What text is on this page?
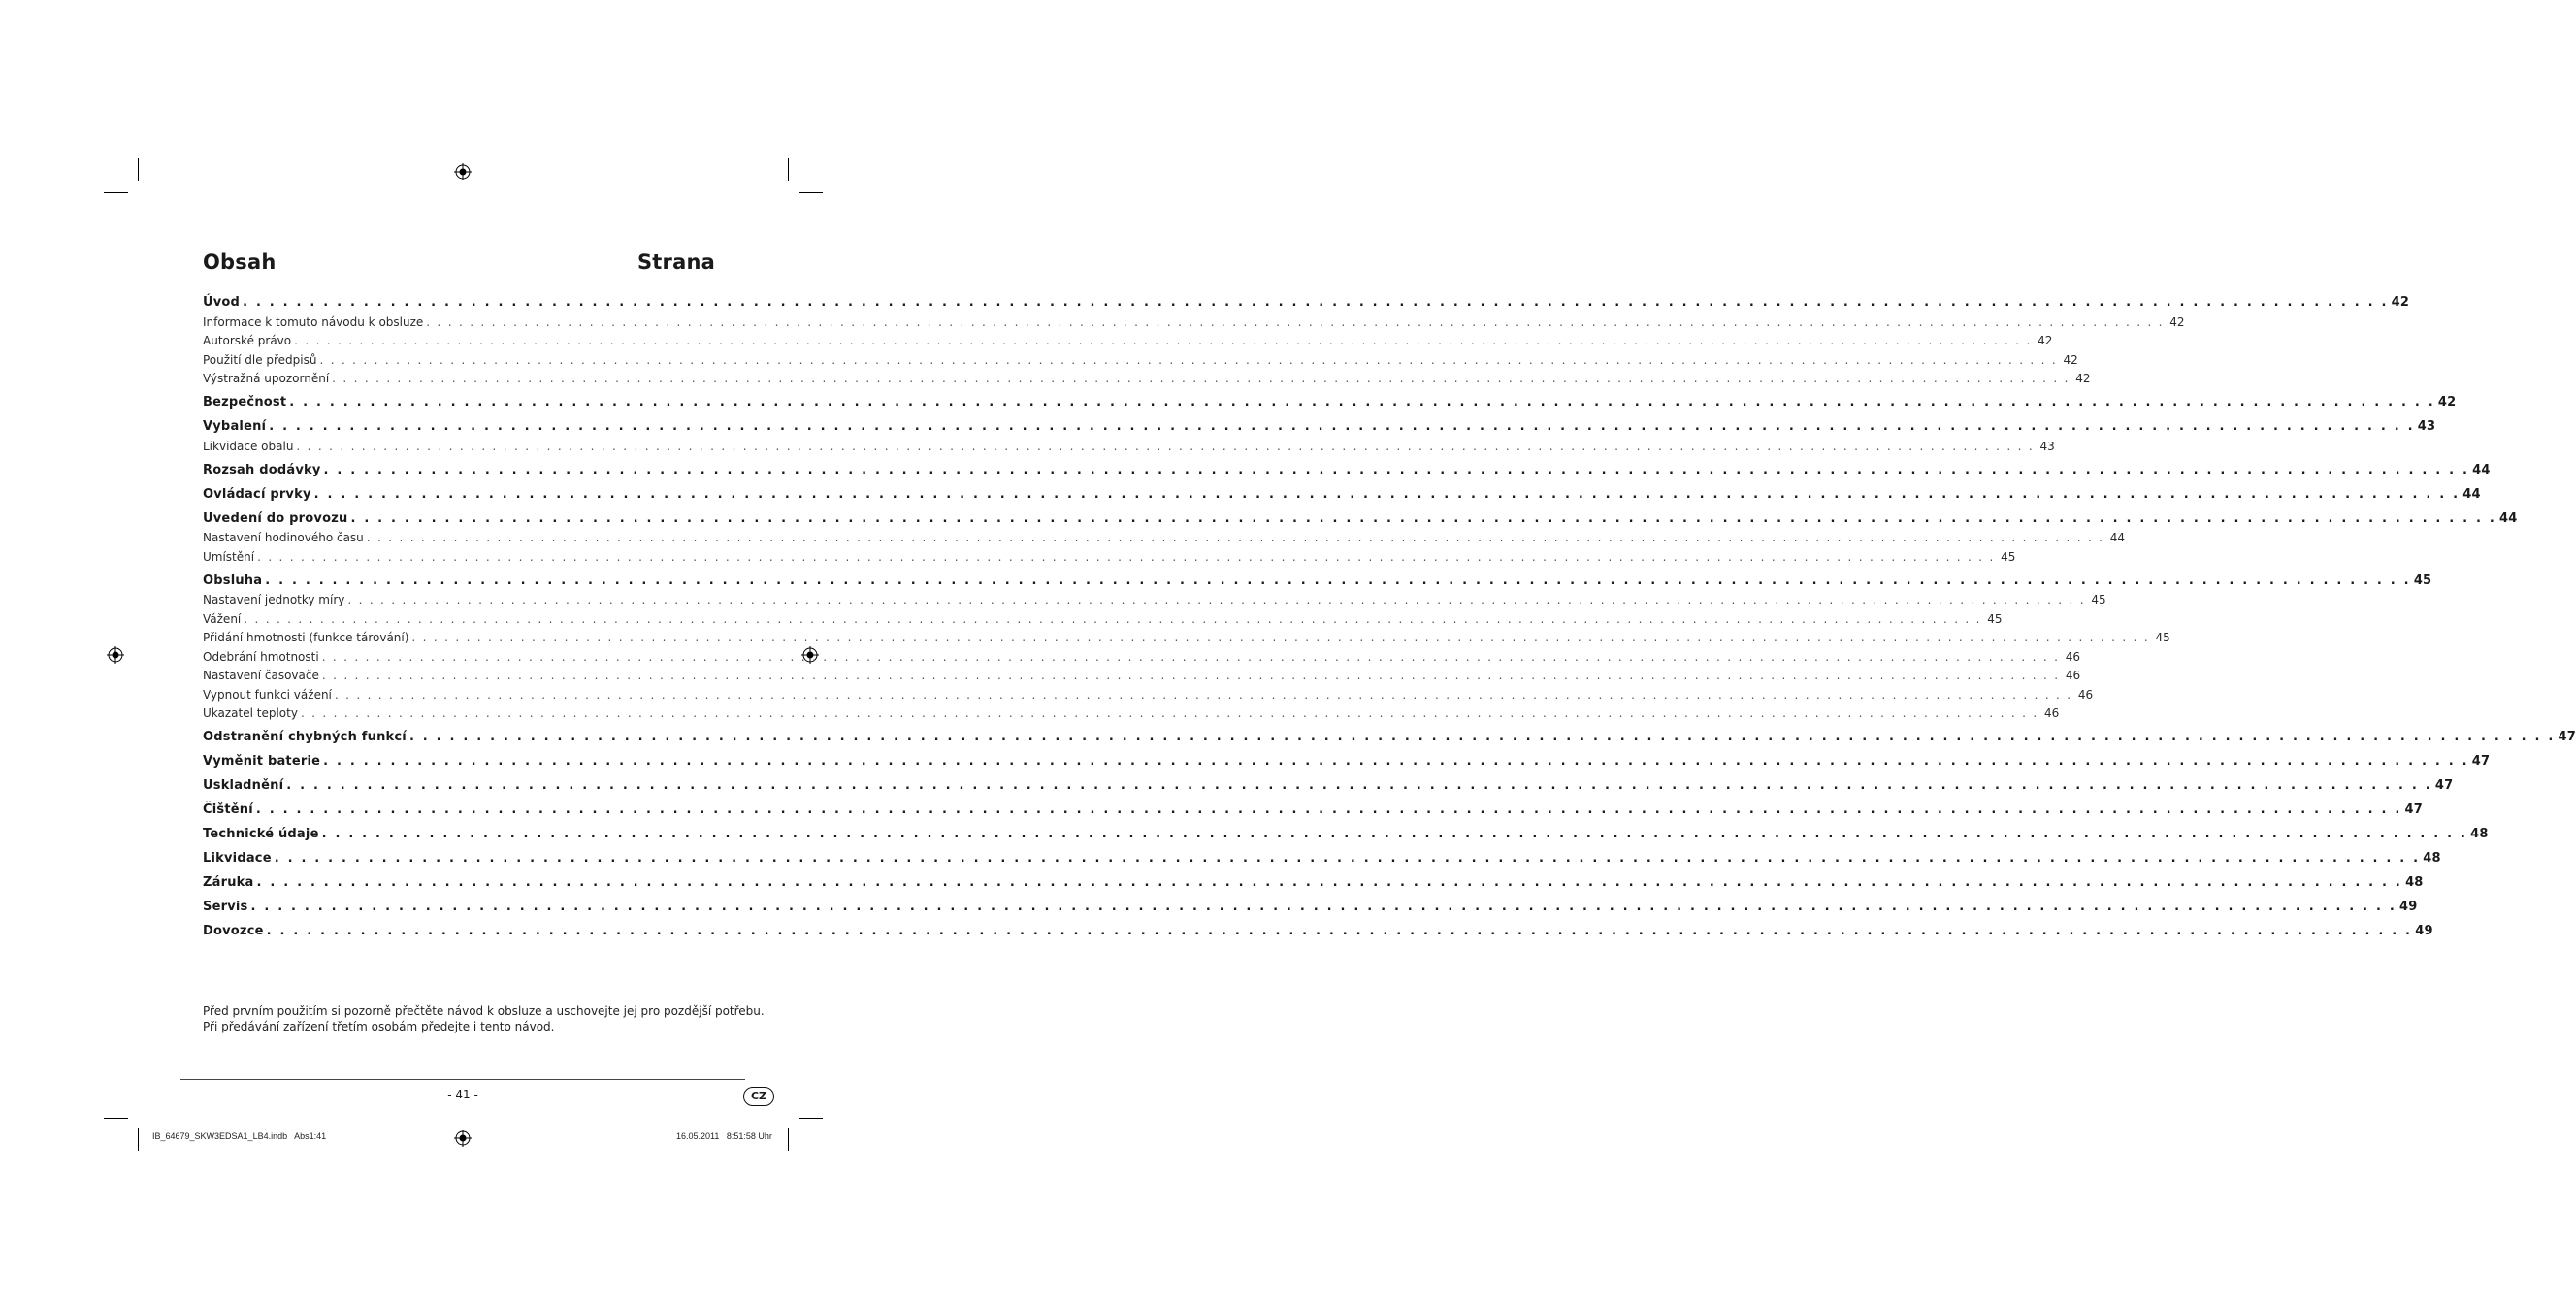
Obsah	Strana
Úvod . . . . . . . . . . . . . . . . . . . . . . . . . . . . . . . . . . . . . . . . . . . . . . . . . . . . . . . . . . . . . . . . . . . . . . . . . . . . . . . . . . . . . . . . . . . . . . . . . . . . . . . . . . . . . . . . . . . . . . . . . . . . . . . . . . . . . . . . . . . . . . . . . . . . . . . . . . . . . . . . 42
Informace k tomuto návodu k obsluze . . . . . . . . . . . . . . . . . . . . . . . . . . . . . . . . . . . . . . . . . . . . . . . . . . . . . . . . . . . . . . . . . . . . . . . . . . . . . . . . . . . . . . . . . . . . . . . . . . . . . . . . . . . . . . . . . . . . . . . . . . . . . . . . . . . . . . . . . . . . . . . . . . . . . . . . . . . . . . . . 42
Autorské právo . . . . . . . . . . . . . . . . . . . . . . . . . . . . . . . . . . . . . . . . . . . . . . . . . . . . . . . . . . . . . . . . . . . . . . . . . . . . . . . . . . . . . . . . . . . . . . . . . . . . . . . . . . . . . . . . . . . . . . . . . . . . . . . . . . . . . . . . . . . . . . . . . . . . . . . . . . . . . . . . 42
Použití dle předpisů . . . . . . . . . . . . . . . . . . . . . . . . . . . . . . . . . . . . . . . . . . . . . . . . . . . . . . . . . . . . . . . . . . . . . . . . . . . . . . . . . . . . . . . . . . . . . . . . . . . . . . . . . . . . . . . . . . . . . . . . . . . . . . . . . . . . . . . . . . . . . . . . . . . . . . . . . . . . . . . . 42
Výstražná upozornění . . . . . . . . . . . . . . . . . . . . . . . . . . . . . . . . . . . . . . . . . . . . . . . . . . . . . . . . . . . . . . . . . . . . . . . . . . . . . . . . . . . . . . . . . . . . . . . . . . . . . . . . . . . . . . . . . . . . . . . . . . . . . . . . . . . . . . . . . . . . . . . . . . . . . . . . . . . . . . . . 42
Bezpečnost . . . . . . . . . . . . . . . . . . . . . . . . . . . . . . . . . . . . . . . . . . . . . . . . . . . . . . . . . . . . . . . . . . . . . . . . . . . . . . . . . . . . . . . . . . . . . . . . . . . . . . . . . . . . . . . . . . . . . . . . . . . . . . . . . . . . . . . . . . . . . . . . . . . . . . . . . . . . . . . . 42
Vybalení . . . . . . . . . . . . . . . . . . . . . . . . . . . . . . . . . . . . . . . . . . . . . . . . . . . . . . . . . . . . . . . . . . . . . . . . . . . . . . . . . . . . . . . . . . . . . . . . . . . . . . . . . . . . . . . . . . . . . . . . . . . . . . . . . . . . . . . . . . . . . . . . . . . . . . . . . . . . . . . . 43
Likvidace obalu . . . . . . . . . . . . . . . . . . . . . . . . . . . . . . . . . . . . . . . . . . . . . . . . . . . . . . . . . . . . . . . . . . . . . . . . . . . . . . . . . . . . . . . . . . . . . . . . . . . . . . . . . . . . . . . . . . . . . . . . . . . . . . . . . . . . . . . . . . . . . . . . . . . . . . . . . . . . . . . . 43
Rozsah dodávky . . . . . . . . . . . . . . . . . . . . . . . . . . . . . . . . . . . . . . . . . . . . . . . . . . . . . . . . . . . . . . . . . . . . . . . . . . . . . . . . . . . . . . . . . . . . . . . . . . . . . . . . . . . . . . . . . . . . . . . . . . . . . . . . . . . . . . . . . . . . . . . . . . . . . . . . . . . . . . . . 44
Ovládací prvky . . . . . . . . . . . . . . . . . . . . . . . . . . . . . . . . . . . . . . . . . . . . . . . . . . . . . . . . . . . . . . . . . . . . . . . . . . . . . . . . . . . . . . . . . . . . . . . . . . . . . . . . . . . . . . . . . . . . . . . . . . . . . . . . . . . . . . . . . . . . . . . . . . . . . . . . . . . . . . . . 44
Uvedení do provozu . . . . . . . . . . . . . . . . . . . . . . . . . . . . . . . . . . . . . . . . . . . . . . . . . . . . . . . . . . . . . . . . . . . . . . . . . . . . . . . . . . . . . . . . . . . . . . . . . . . . . . . . . . . . . . . . . . . . . . . . . . . . . . . . . . . . . . . . . . . . . . . . . . . . . . . . . . . . . . . . 44
Nastavení hodinového času . . . . . . . . . . . . . . . . . . . . . . . . . . . . . . . . . . . . . . . . . . . . . . . . . . . . . . . . . . . . . . . . . . . . . . . . . . . . . . . . . . . . . . . . . . . . . . . . . . . . . . . . . . . . . . . . . . . . . . . . . . . . . . . . . . . . . . . . . . . . . . . . . . . . . . . . . . . . . . . . 44
Umístění . . . . . . . . . . . . . . . . . . . . . . . . . . . . . . . . . . . . . . . . . . . . . . . . . . . . . . . . . . . . . . . . . . . . . . . . . . . . . . . . . . . . . . . . . . . . . . . . . . . . . . . . . . . . . . . . . . . . . . . . . . . . . . . . . . . . . . . . . . . . . . . . . . . . . . . . . . . . . . . . 45
Obsluha . . . . . . . . . . . . . . . . . . . . . . . . . . . . . . . . . . . . . . . . . . . . . . . . . . . . . . . . . . . . . . . . . . . . . . . . . . . . . . . . . . . . . . . . . . . . . . . . . . . . . . . . . . . . . . . . . . . . . . . . . . . . . . . . . . . . . . . . . . . . . . . . . . . . . . . . . . . . . . . . 45
Nastavení jednotky míry . . . . . . . . . . . . . . . . . . . . . . . . . . . . . . . . . . . . . . . . . . . . . . . . . . . . . . . . . . . . . . . . . . . . . . . . . . . . . . . . . . . . . . . . . . . . . . . . . . . . . . . . . . . . . . . . . . . . . . . . . . . . . . . . . . . . . . . . . . . . . . . . . . . . . . . . . . . . . . . . 45
Vážení . . . . . . . . . . . . . . . . . . . . . . . . . . . . . . . . . . . . . . . . . . . . . . . . . . . . . . . . . . . . . . . . . . . . . . . . . . . . . . . . . . . . . . . . . . . . . . . . . . . . . . . . . . . . . . . . . . . . . . . . . . . . . . . . . . . . . . . . . . . . . . . . . . . . . . . . . . . . . . . . 45
Přidání hmotnosti (funkce tárování) . . . . . . . . . . . . . . . . . . . . . . . . . . . . . . . . . . . . . . . . . . . . . . . . . . . . . . . . . . . . . . . . . . . . . . . . . . . . . . . . . . . . . . . . . . . . . . . . . . . . . . . . . . . . . . . . . . . . . . . . . . . . . . . . . . . . . . . . . . . . . . . . . . . . . . . . . . . . . . . . 45
Odebrání hmotnosti . . . . . . . . . . . . . . . . . . . . . . . . . . . . . . . . . . . . . . . . . . . . . . . . . . . . . . . . . . . . . . . . . . . . . . . . . . . . . . . . . . . . . . . . . . . . . . . . . . . . . . . . . . . . . . . . . . . . . . . . . . . . . . . . . . . . . . . . . . . . . . . . . . . . . . . . . . . . . . . . 46
Nastavení časovače . . . . . . . . . . . . . . . . . . . . . . . . . . . . . . . . . . . . . . . . . . . . . . . . . . . . . . . . . . . . . . . . . . . . . . . . . . . . . . . . . . . . . . . . . . . . . . . . . . . . . . . . . . . . . . . . . . . . . . . . . . . . . . . . . . . . . . . . . . . . . . . . . . . . . . . . . . . . . . . . 46
Vypnout funkci vážení . . . . . . . . . . . . . . . . . . . . . . . . . . . . . . . . . . . . . . . . . . . . . . . . . . . . . . . . . . . . . . . . . . . . . . . . . . . . . . . . . . . . . . . . . . . . . . . . . . . . . . . . . . . . . . . . . . . . . . . . . . . . . . . . . . . . . . . . . . . . . . . . . . . . . . . . . . . . . . . . 46
Ukazatel teploty . . . . . . . . . . . . . . . . . . . . . . . . . . . . . . . . . . . . . . . . . . . . . . . . . . . . . . . . . . . . . . . . . . . . . . . . . . . . . . . . . . . . . . . . . . . . . . . . . . . . . . . . . . . . . . . . . . . . . . . . . . . . . . . . . . . . . . . . . . . . . . . . . . . . . . . . . . . . . . . . 46
Odstranění chybných funkcí . . . . . . . . . . . . . . . . . . . . . . . . . . . . . . . . . . . . . . . . . . . . . . . . . . . . . . . . . . . . . . . . . . . . . . . . . . . . . . . . . . . . . . . . . . . . . . . . . . . . . . . . . . . . . . . . . . . . . . . . . . . . . . . . . . . . . . . . . . . . . . . . . . . . . . . . . . . . . . . . 47
Vyměnit baterie . . . . . . . . . . . . . . . . . . . . . . . . . . . . . . . . . . . . . . . . . . . . . . . . . . . . . . . . . . . . . . . . . . . . . . . . . . . . . . . . . . . . . . . . . . . . . . . . . . . . . . . . . . . . . . . . . . . . . . . . . . . . . . . . . . . . . . . . . . . . . . . . . . . . . . . . . . . . . . . . 47
Uskladnění . . . . . . . . . . . . . . . . . . . . . . . . . . . . . . . . . . . . . . . . . . . . . . . . . . . . . . . . . . . . . . . . . . . . . . . . . . . . . . . . . . . . . . . . . . . . . . . . . . . . . . . . . . . . . . . . . . . . . . . . . . . . . . . . . . . . . . . . . . . . . . . . . . . . . . . . . . . . . . . . 47
Čištění . . . . . . . . . . . . . . . . . . . . . . . . . . . . . . . . . . . . . . . . . . . . . . . . . . . . . . . . . . . . . . . . . . . . . . . . . . . . . . . . . . . . . . . . . . . . . . . . . . . . . . . . . . . . . . . . . . . . . . . . . . . . . . . . . . . . . . . . . . . . . . . . . . . . . . . . . . . . . . . . 47
Technické údaje . . . . . . . . . . . . . . . . . . . . . . . . . . . . . . . . . . . . . . . . . . . . . . . . . . . . . . . . . . . . . . . . . . . . . . . . . . . . . . . . . . . . . . . . . . . . . . . . . . . . . . . . . . . . . . . . . . . . . . . . . . . . . . . . . . . . . . . . . . . . . . . . . . . . . . . . . . . . . . . . 48
Likvidace . . . . . . . . . . . . . . . . . . . . . . . . . . . . . . . . . . . . . . . . . . . . . . . . . . . . . . . . . . . . . . . . . . . . . . . . . . . . . . . . . . . . . . . . . . . . . . . . . . . . . . . . . . . . . . . . . . . . . . . . . . . . . . . . . . . . . . . . . . . . . . . . . . . . . . . . . . . . . . . . 48
Záruka . . . . . . . . . . . . . . . . . . . . . . . . . . . . . . . . . . . . . . . . . . . . . . . . . . . . . . . . . . . . . . . . . . . . . . . . . . . . . . . . . . . . . . . . . . . . . . . . . . . . . . . . . . . . . . . . . . . . . . . . . . . . . . . . . . . . . . . . . . . . . . . . . . . . . . . . . . . . . . . . 48
Servis . . . . . . . . . . . . . . . . . . . . . . . . . . . . . . . . . . . . . . . . . . . . . . . . . . . . . . . . . . . . . . . . . . . . . . . . . . . . . . . . . . . . . . . . . . . . . . . . . . . . . . . . . . . . . . . . . . . . . . . . . . . . . . . . . . . . . . . . . . . . . . . . . . . . . . . . . . . . . . . . 49
Dovozce . . . . . . . . . . . . . . . . . . . . . . . . . . . . . . . . . . . . . . . . . . . . . . . . . . . . . . . . . . . . . . . . . . . . . . . . . . . . . . . . . . . . . . . . . . . . . . . . . . . . . . . . . . . . . . . . . . . . . . . . . . . . . . . . . . . . . . . . . . . . . . . . . . . . . . . . . . . . . . . . 49
Před prvním použitím si pozorně přečtěte návod k obsluze a uschovejte jej pro pozdější potřebu.
Při předávání zařízení třetím osobám předejte i tento návod.
- 41 -	CZ
IB_64679_SKW3EDSA1_LB4.indb   Abs1:41	16.05.2011   8:51:58 Uhr
